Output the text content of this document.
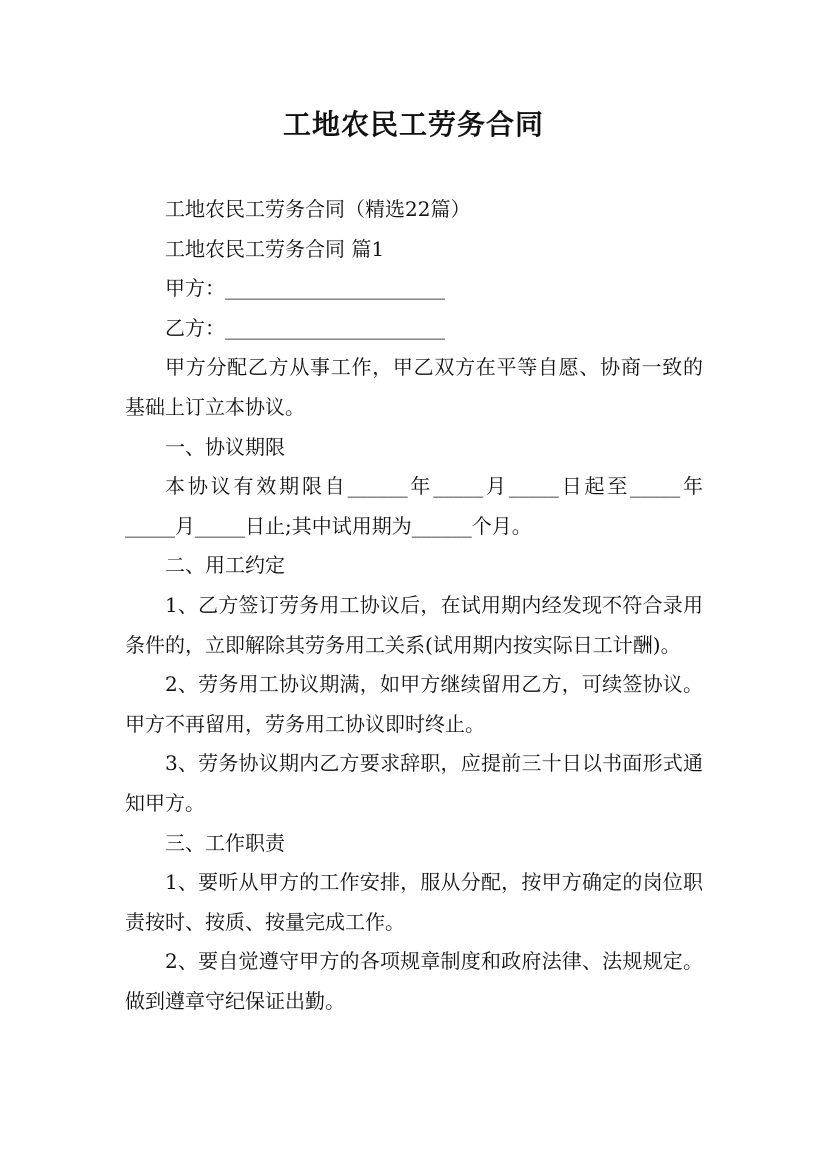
工地农民工劳务合同

工地农民工劳务合同（精选22篇）

工地农民工劳务合同 篇1

甲方：______________________

乙方：______________________

甲方分配乙方从事工作，甲乙双方在平等自愿、协商一致的基础上订立本协议。

一、协议期限

本协议有效期限自______年_____月_____日起至_____年_____月_____日止;其中试用期为______个月。

二、用工约定

1、乙方签订劳务用工协议后，在试用期内经发现不符合录用条件的，立即解除其劳务用工关系(试用期内按实际日工计酬)。

2、劳务用工协议期满，如甲方继续留用乙方，可续签协议。甲方不再留用，劳务用工协议即时终止。

3、劳务协议期内乙方要求辞职，应提前三十日以书面形式通知甲方。

三、工作职责

1、要听从甲方的工作安排，服从分配，按甲方确定的岗位职责按时、按质、按量完成工作。

2、要自觉遵守甲方的各项规章制度和政府法律、法规规定。做到遵章守纪保证出勤。
